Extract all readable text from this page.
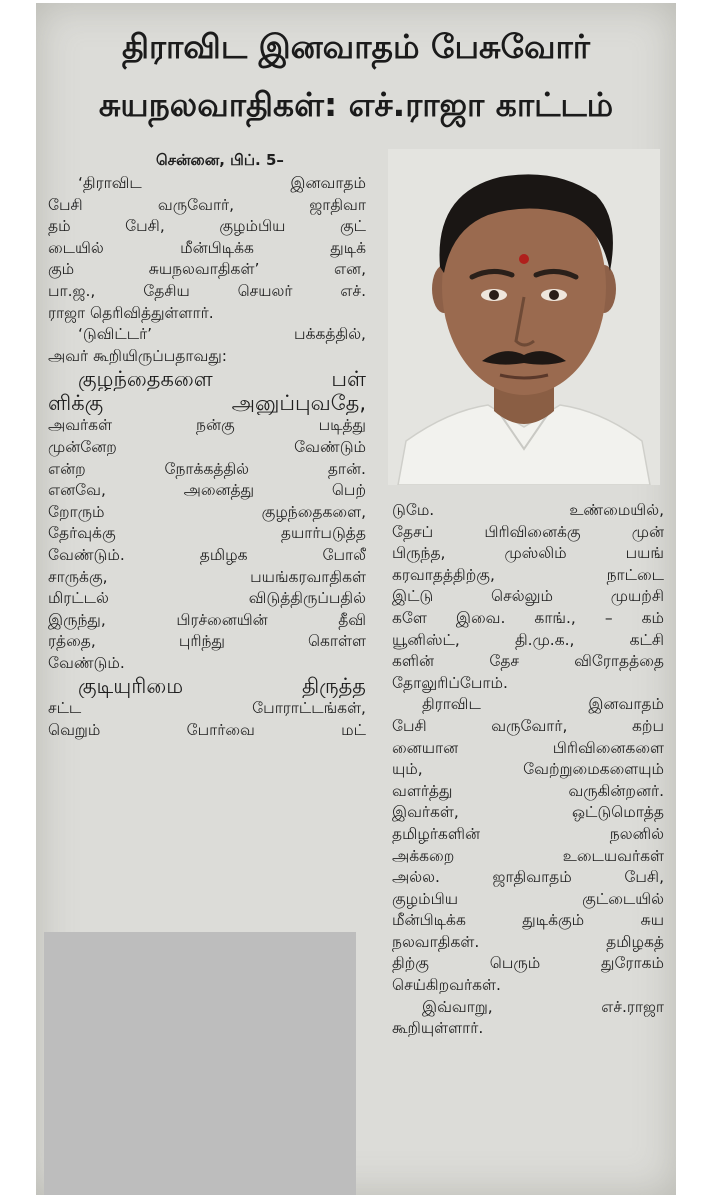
திராவிட இனவாதம் பேசுவோர்
சுயநலவாதிகள்: எச்.ராஜா காட்டம்
சென்னை, பிப். 5–
‘திராவிட இனவாதம்
பேசி வருவோர், ஜாதிவா
தம் பேசி, குழம்பிய குட்
டையில் மீன்பிடிக்க துடிக்
கும் சுயநலவாதிகள்’ என,
பா.ஜ., தேசிய செயலர் எச்.
ராஜா தெரிவித்துள்ளார்.
‘டுவிட்டர்’ பக்கத்தில்,
அவர் கூறியிருப்பதாவது:
குழந்தைகளை பள்
ளிக்கு அனுப்புவதே,
அவர்கள் நன்கு படித்து
முன்னேற வேண்டும்
என்ற நோக்கத்தில் தான்.
எனவே, அனைத்து பெற்
றோரும் குழந்தைகளை,
தேர்வுக்கு தயார்படுத்த
வேண்டும். தமிழக போலீ
சாருக்கு, பயங்கரவாதிகள்
மிரட்டல் விடுத்திருப்பதில்
இருந்து, பிரச்னையின் தீவி
ரத்தை, புரிந்து கொள்ள
வேண்டும்.
குடியுரிமை திருத்த
சட்ட போராட்டங்கள்,
வெறும் போர்வை மட்
டுமே. உண்மையில்,
தேசப் பிரிவினைக்கு முன்
பிருந்த, முஸ்லிம் பயங்
கரவாதத்திற்கு, நாட்டை
இட்டு செல்லும் முயற்சி
களே இவை. காங்., – கம்
யூனிஸ்ட், தி.மு.க., கட்சி
களின் தேச விரோதத்தை
தோலுரிப்போம்.
திராவிட இனவாதம்
பேசி வருவோர், கற்ப
னையான பிரிவினைகளை
யும், வேற்றுமைகளையும்
வளர்த்து வருகின்றனர்.
இவர்கள், ஒட்டுமொத்த
தமிழர்களின் நலனில்
அக்கறை உடையவர்கள்
அல்ல. ஜாதிவாதம் பேசி,
குழம்பிய குட்டையில்
மீன்பிடிக்க துடிக்கும் சுய
நலவாதிகள். தமிழகத்
திற்கு பெரும் துரோகம்
செய்கிறவர்கள்.
இவ்வாறு, எச்.ராஜா
கூறியுள்ளார்.
